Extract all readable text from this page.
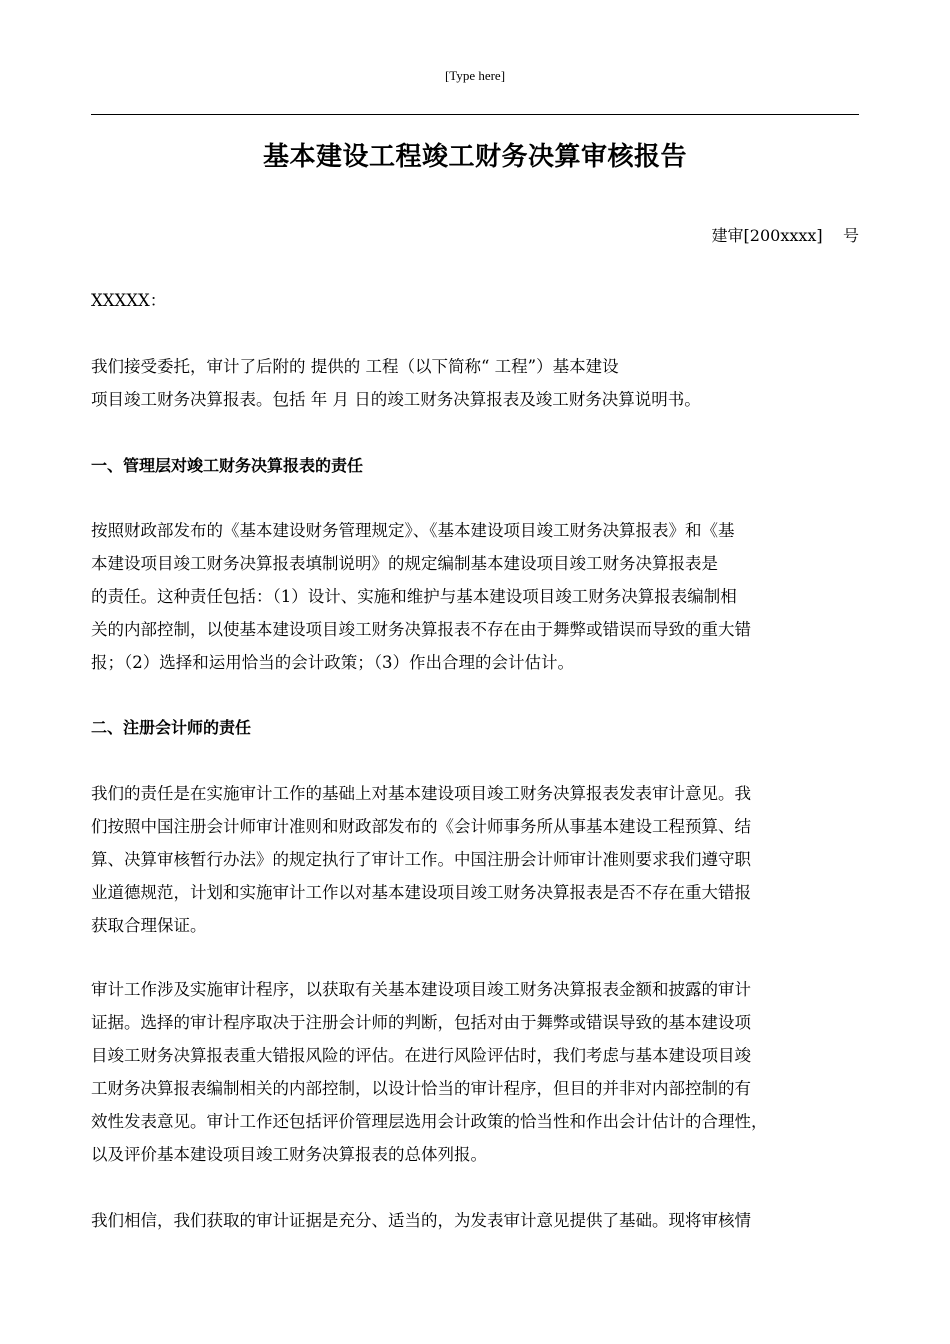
[Type here]
基本建设工程竣工财务决算审核报告
建审[200xxxx]    号

XXXXX：

我们接受委托，审计了后附的 提供的 工程（以下简称“ 工程”）基本建设

项目竣工财务决算报表。包括 年 月 日的竣工财务决算报表及竣工财务决算说明书。

一、管理层对竣工财务决算报表的责任

按照财政部发布的《基本建设财务管理规定》、《基本建设项目竣工财务决算报表》和《基

本建设项目竣工财务决算报表填制说明》的规定编制基本建设项目竣工财务决算报表是

的责任。这种责任包括：（1）设计、实施和维护与基本建设项目竣工财务决算报表编制相

关的内部控制，以使基本建设项目竣工财务决算报表不存在由于舞弊或错误而导致的重大错

报；（2）选择和运用恰当的会计政策；（3）作出合理的会计估计。

二、注册会计师的责任

我们的责任是在实施审计工作的基础上对基本建设项目竣工财务决算报表发表审计意见。我

们按照中国注册会计师审计准则和财政部发布的《会计师事务所从事基本建设工程预算、结

算、决算审核暂行办法》的规定执行了审计工作。中国注册会计师审计准则要求我们遵守职

业道德规范，计划和实施审计工作以对基本建设项目竣工财务决算报表是否不存在重大错报

获取合理保证。

审计工作涉及实施审计程序，以获取有关基本建设项目竣工财务决算报表金额和披露的审计

证据。选择的审计程序取决于注册会计师的判断，包括对由于舞弊或错误导致的基本建设项

目竣工财务决算报表重大错报风险的评估。在进行风险评估时，我们考虑与基本建设项目竣

工财务决算报表编制相关的内部控制，以设计恰当的审计程序，但目的并非对内部控制的有

效性发表意见。审计工作还包括评价管理层选用会计政策的恰当性和作出会计估计的合理性，

以及评价基本建设项目竣工财务决算报表的总体列报。

我们相信，我们获取的审计证据是充分、适当的，为发表审计意见提供了基础。现将审核情
